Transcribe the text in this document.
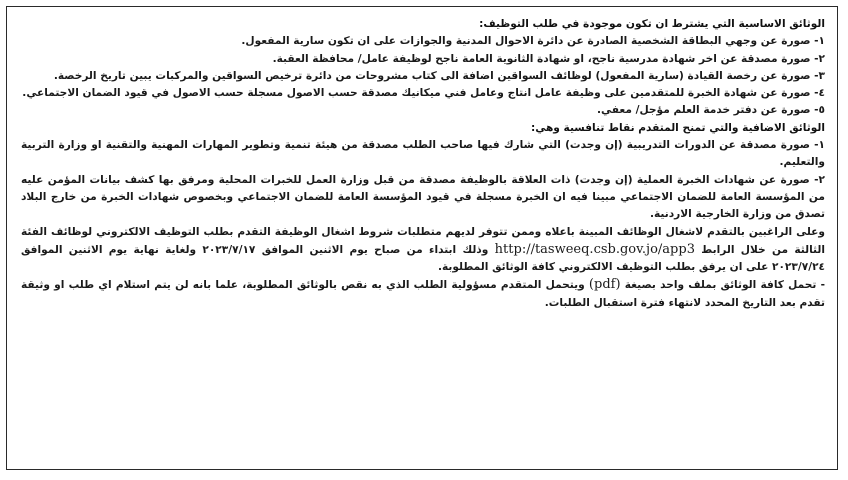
الوثائق الاساسية التي يشترط ان تكون موجودة في طلب التوظيف:

١- صورة عن وجهي البطاقة الشخصية الصادرة عن دائرة الاحوال المدنية والجوازات على ان تكون سارية المفعول.

٢- صورة مصدقة عن اخر شهادة مدرسية ناجح، او شهادة الثانوية العامة ناجح لوظيفة عامل/ محافظة العقبة.

٣- صورة عن رخصة القيادة (سارية المفعول) لوظائف السواقين اضافة الى كتاب مشروحات من دائرة ترخيص السواقين والمركبات يبين تاريخ الرخصة.

٤- صورة عن شهادة الخبرة للمتقدمين على وظيفة عامل انتاج وعامل فني ميكانيك مصدقة حسب الاصول مسجلة حسب الاصول في قيود الضمان الاجتماعي.

٥- صورة عن دفتر خدمة العلم مؤجل/ معفي.

الوثائق الاضافية والتي تمنح المتقدم نقاط تنافسية وهي:

١- صورة مصدقة عن الدورات التدريبية (إن وجدت) التي شارك فيها صاحب الطلب مصدقة من هيئة تنمية وتطوير المهارات المهنية والتقنية او وزارة التربية والتعليم.

٢- صورة عن شهادات الخبرة العملية (إن وجدت) ذات العلاقة بالوظيفة مصدقة من قبل وزارة العمل للخبرات المحلية ومرفق بها كشف بيانات المؤمن عليه من المؤسسة العامة للضمان الاجتماعي مبينا فيه ان الخبرة مسجلة في قيود المؤسسة العامة للضمان الاجتماعي وبخصوص شهادات الخبرة من خارج البلاد تصدق من وزارة الخارجية الاردنية.

وعلى الراغبين بالتقدم لاشغال الوظائف المبينة باعلاه وممن تتوفر لديهم متطلبات شروط اشغال الوظيفة التقدم بطلب التوظيف الالكتروني لوظائف الفئة الثالثة من خلال الرابط http://tasweeq.csb.gov.jo/app3 وذلك ابتداء من صباح يوم الاثنين الموافق ٢٠٢٣/٧/١٧ ولغاية نهاية يوم الاثنين الموافق ٢٠٢٣/٧/٢٤ على ان يرفق بطلب التوظيف الالكتروني كافة الوثائق المطلوبة.

- تحمل كافة الوثائق بملف واحد بصيغة (pdf) ويتحمل المتقدم مسؤولية الطلب الذي به نقص بالوثائق المطلوبة، علما بانه لن يتم استلام اي طلب او وثيقة تقدم بعد التاريخ المحدد لانتهاء فترة استقبال الطلبات.
